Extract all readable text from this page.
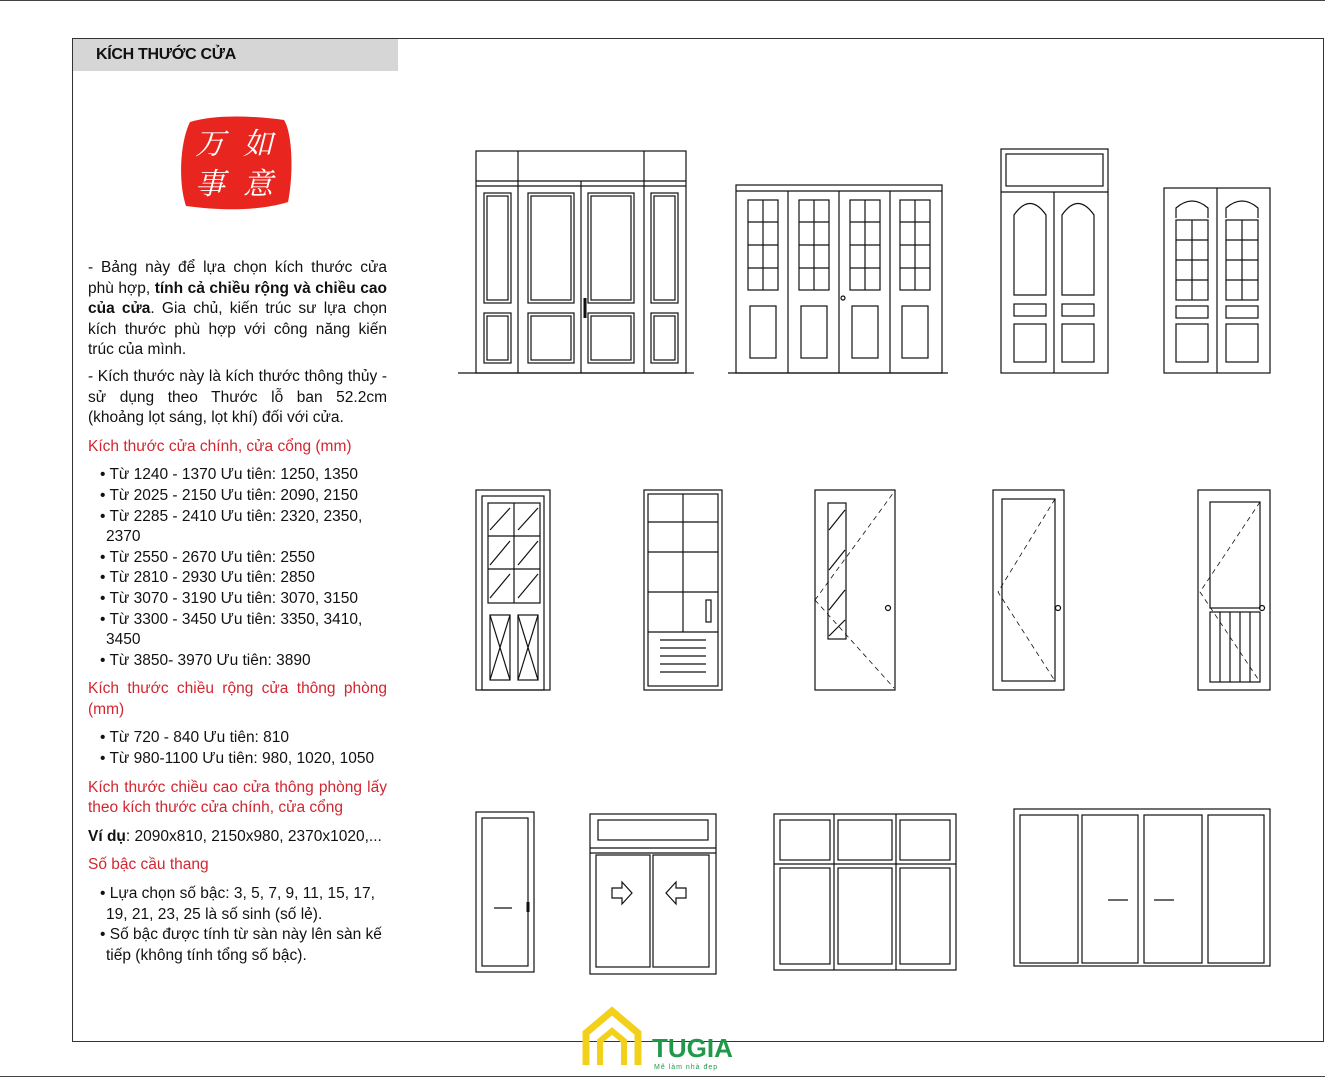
KÍCH THƯỚC CỬA
万 如
事 意

- Bảng này để lựa chọn kích thước cửa phù hợp, tính cả chiều rộng và chiều cao của cửa. Gia chủ, kiến trúc sư lựa chọn kích thước phù hợp với công năng kiến trúc của mình.

- Kích thước này là kích thước thông thủy - sử dụng theo Thước lỗ ban 52.2cm (khoảng lọt sáng, lọt khí) đối với cửa.

Kích thước cửa chính, cửa cổng (mm)

• Từ 1240 - 1370 Ưu tiên: 1250, 1350
• Từ 2025 - 2150 Ưu tiên: 2090, 2150
• Từ 2285 - 2410 Ưu tiên: 2320, 2350, 2370
• Từ 2550 - 2670 Ưu tiên: 2550
• Từ 2810 - 2930 Ưu tiên: 2850
• Từ 3070 - 3190 Ưu tiên: 3070, 3150
• Từ 3300 - 3450 Ưu tiên: 3350, 3410, 3450
• Từ 3850- 3970 Ưu tiên: 3890

Kích thước chiều rộng cửa thông phòng (mm)

• Từ 720 - 840 Ưu tiên: 810
• Từ 980-1100 Ưu tiên: 980, 1020, 1050

Kích thước chiều cao cửa thông phòng lấy theo kích thước cửa chính, cửa cổng

Ví dụ: 2090x810, 2150x980, 2370x1020,...

Số bậc cầu thang

• Lựa chọn số bậc: 3, 5, 7, 9, 11, 15, 17, 19, 21, 23, 25 là số sinh (số lẻ).
• Số bậc được tính từ sàn này lên sàn kế tiếp (không tính tổng số bậc).
TUGIA
Mê làm nhà đẹp
